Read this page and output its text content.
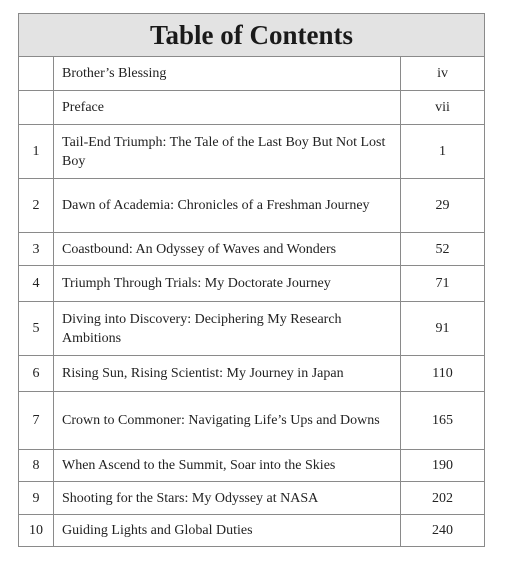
Table of Contents		
	Brother’s Blessing	iv
	Preface	vii
1	Tail-End Triumph: The Tale of the Last Boy But Not Lost Boy	1
2	Dawn of Academia: Chronicles of a Freshman Journey	29
3	Coastbound: An Odyssey of Waves and Wonders	52
4	Triumph Through Trials: My Doctorate Journey	71
5	Diving into Discovery: Deciphering My Research Ambitions	91
6	Rising Sun, Rising Scientist: My Journey in Japan	110
7	Crown to Commoner: Navigating Life’s Ups and Downs	165
8	When Ascend to the Summit, Soar into the Skies	190
9	Shooting for the Stars: My Odyssey at NASA	202
10	Guiding Lights and Global Duties	240
